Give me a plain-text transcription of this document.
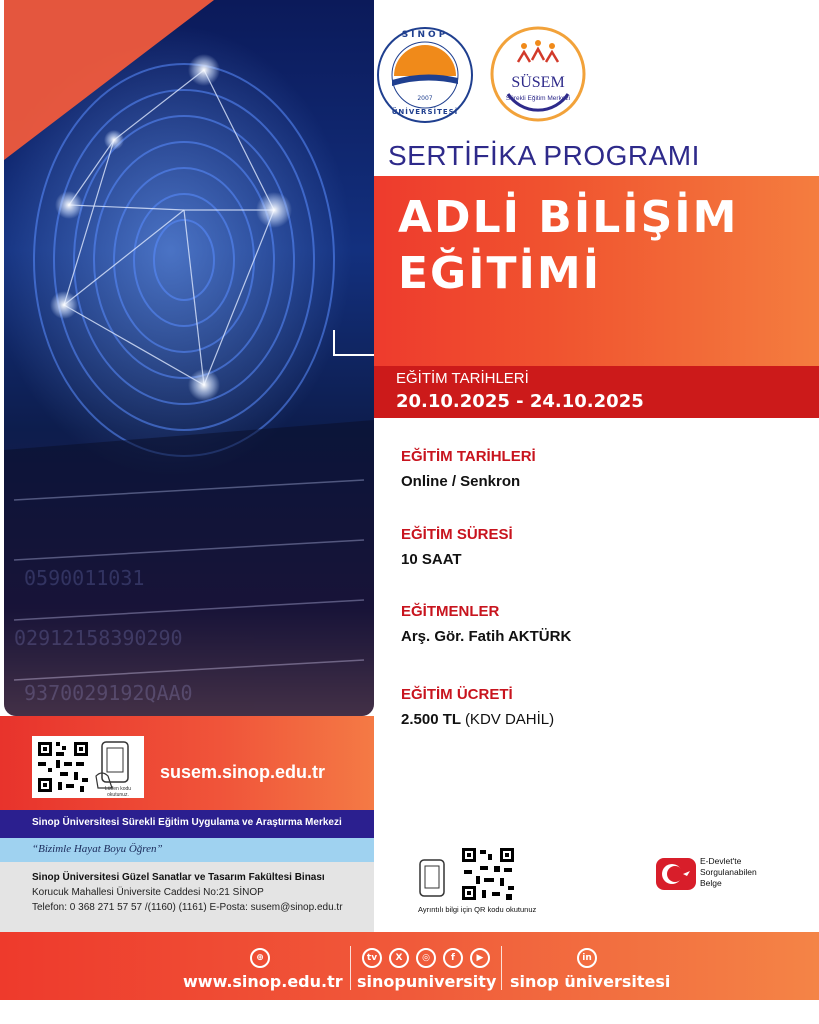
0590011031
02912158390290
9370029192QAA0
SİNOP
2007
ÜNİVERSİTESİ
SÜSEM
Sürekli Eğitim Merkezi
SERTİFİKA PROGRAMI
ADLİ BİLİŞİM
EĞİTİMİ
EĞİTİM TARİHLERİ
20.10.2025 - 24.10.2025
EĞİTİM TARİHLERİ
Online / Senkron
EĞİTİM SÜRESİ
10 SAAT
EĞİTMENLER
Arş. Gör. Fatih AKTÜRK
EĞİTİM ÜCRETİ
2.500 TL (KDV DAHİL)
Lütfen kodu okutunuz.
susem.sinop.edu.tr
Sinop Üniversitesi Sürekli Eğitim Uygulama ve Araştırma Merkezi
“Bizimle Hayat Boyu Öğren”
Sinop Üniversitesi Güzel Sanatlar ve Tasarım Fakültesi Binası
Korucuk Mahallesi Üniversite Caddesi No:21 SİNOP
Telefon: 0 368 271 57 57 /(1160) (1161) E-Posta: susem@sinop.edu.tr	Ayrıntılı bilgi için QR kodu okutunuz
E-Devlet'te
Sorgulanabilen
Belge
⊕
www.sinop.edu.tr
tv	X	◎	f	▶
sinopuniversity
in
sinop üniversitesi
